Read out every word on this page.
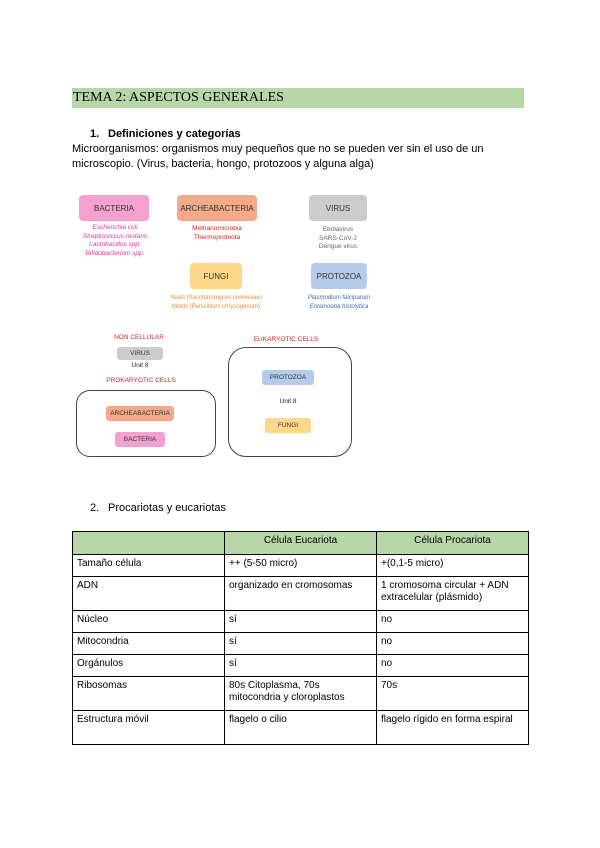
TEMA 2: ASPECTOS GENERALES
1. Definiciones y categorías
Microorganismos: organismos muy pequeños que no se pueden ver sin el uso de un microscopio. (Virus, bacteria, hongo, protozoos y alguna alga)
BACTERIA
Escherichia coli
Streptococcus mutans
Lactobacillus spp.
Bifidobacterium spp.
ARCHEABACTERIA
Methanomicrobia
Thermoproteota
VIRUS
Ebolavirus
SARS-CoV-2
Dengue virus
FUNGI
Yeast (Saccharomyces cerevisiae)
Molds (Penicillium chrysogenum)
PROTOZOA
Plasmodium falciparum
Entamoeba histolytica
NON CELLULAR
VIRUS
Unit 8
PROKARYOTIC CELLS
ARCHEABACTERIA
BACTERIA
EUKARYOTIC CELLS
PROTOZOA
Unit 8
FUNGI
2. Procariotas y eucariotas
	Célula Eucariota	Célula Procariota
Tamaño célula	++ (5-50 micro)	+(0,1-5 micro)
ADN	organizado en cromosomas	1 cromosoma circular + ADN extracelular (plásmido)
Núcleo	sí	no
Mitocondria	sí	no
Orgánulos	sí	no
Ribosomas	80s Citoplasma, 70s mitocondria y cloroplastos	70s
Estructura móvil	flagelo o cilio	flagelo rígido en forma espiral
